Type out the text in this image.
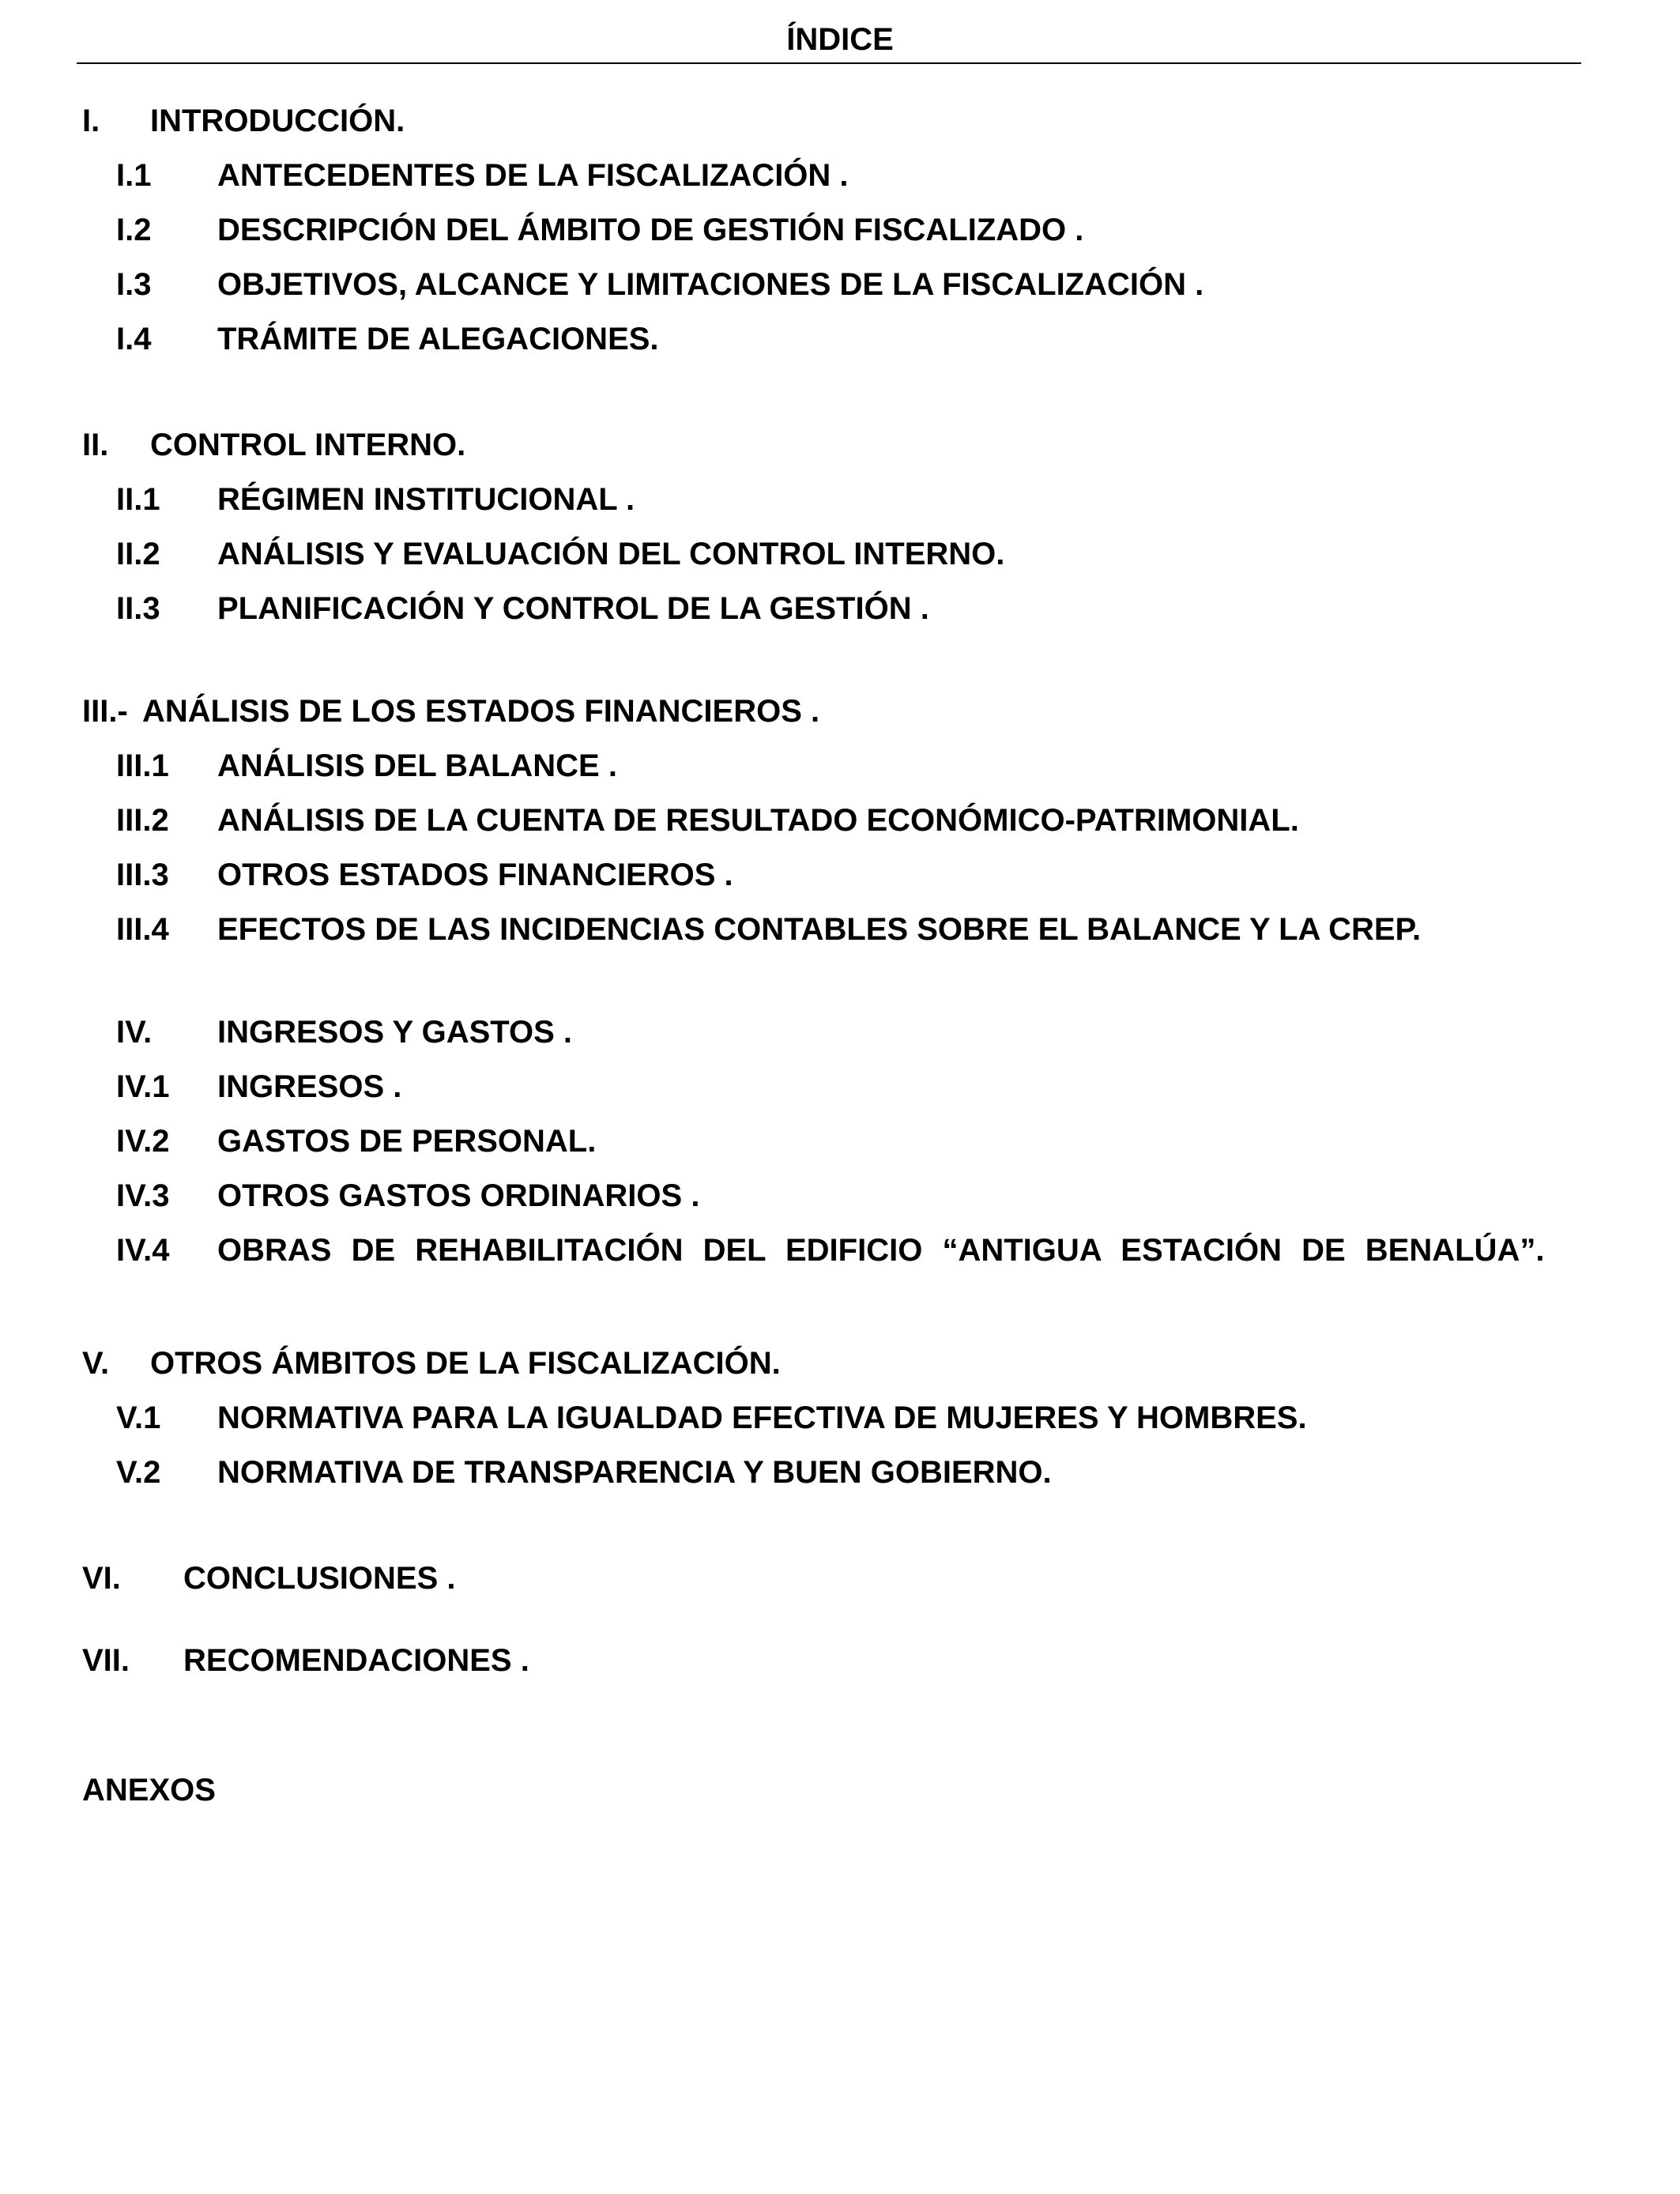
ÍNDICE
I. INTRODUCCIÓN.
I.1 ANTECEDENTES DE LA FISCALIZACIÓN .
I.2 DESCRIPCIÓN DEL ÁMBITO DE GESTIÓN FISCALIZADO .
I.3 OBJETIVOS, ALCANCE Y LIMITACIONES DE LA FISCALIZACIÓN .
I.4 TRÁMITE DE ALEGACIONES.
II. CONTROL INTERNO.
II.1 RÉGIMEN INSTITUCIONAL .
II.2 ANÁLISIS Y EVALUACIÓN DEL CONTROL INTERNO.
II.3 PLANIFICACIÓN Y CONTROL DE LA GESTIÓN .
III.- ANÁLISIS DE LOS ESTADOS FINANCIEROS .
III.1 ANÁLISIS DEL BALANCE .
III.2 ANÁLISIS DE LA CUENTA DE RESULTADO ECONÓMICO-PATRIMONIAL.
III.3 OTROS ESTADOS FINANCIEROS .
III.4 EFECTOS DE LAS INCIDENCIAS CONTABLES SOBRE EL BALANCE Y LA CREP.
IV. INGRESOS Y GASTOS .
IV.1 INGRESOS .
IV.2 GASTOS DE PERSONAL.
IV.3 OTROS GASTOS ORDINARIOS .
IV.4 OBRAS DE REHABILITACIÓN DEL EDIFICIO “ANTIGUA ESTACIÓN DE BENALÚA”.
V. OTROS ÁMBITOS DE LA FISCALIZACIÓN.
V.1 NORMATIVA PARA LA IGUALDAD EFECTIVA DE MUJERES Y HOMBRES.
V.2 NORMATIVA DE TRANSPARENCIA Y BUEN GOBIERNO.
VI. CONCLUSIONES .
VII. RECOMENDACIONES .
ANEXOS
